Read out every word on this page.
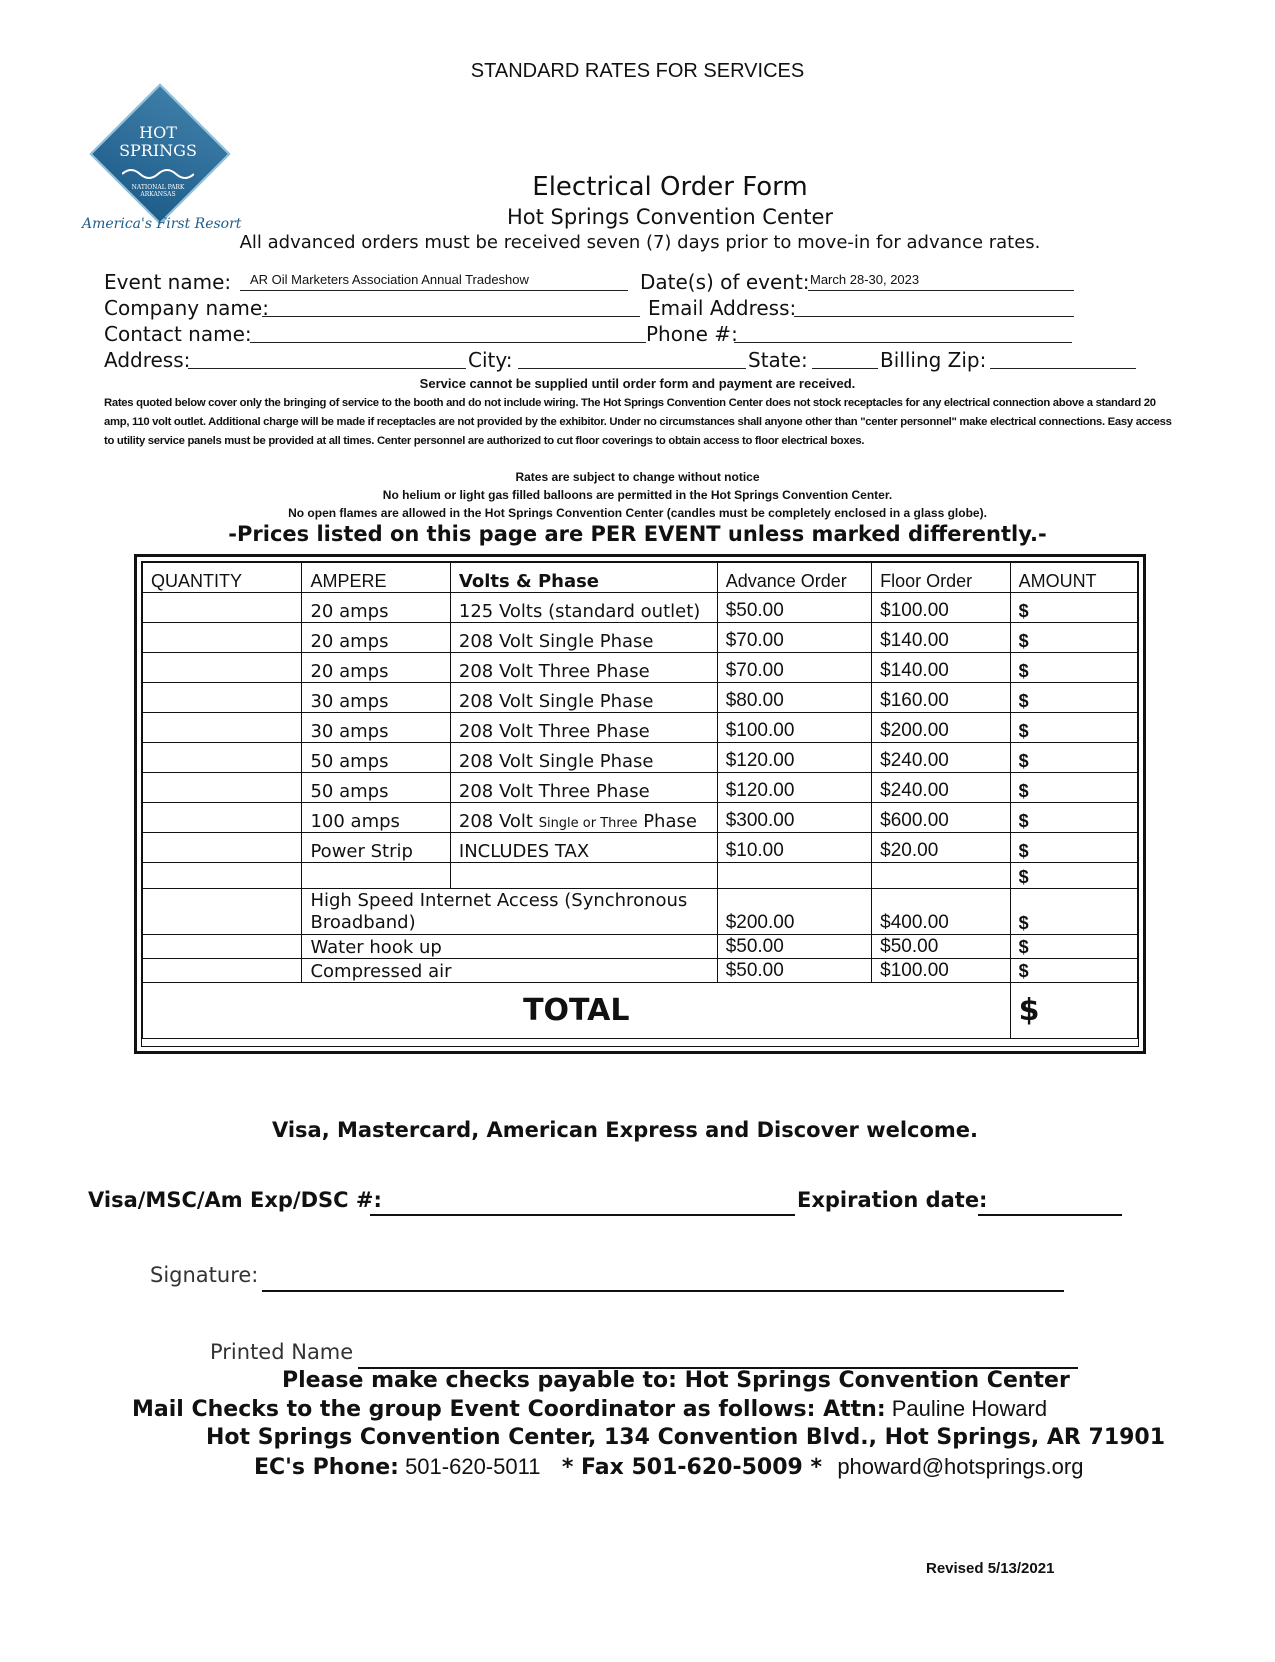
STANDARD RATES FOR SERVICES
HOT
SPRINGS
NATIONAL PARK
ARKANSAS
America's First Resort
Electrical Order Form
Hot Springs Convention Center
All advanced orders must be received seven (7) days prior to move-in for advance rates.
Event name: AR Oil Marketers Association Annual Tradeshow	Date(s) of event: March 28-30, 2023
Company name:	Email Address:
Contact name:	Phone #:
Address:	City:	State:	Billing Zip:
Service cannot be supplied until order form and payment are received.
Rates quoted below cover only the bringing of service to the booth and do not include wiring. The Hot Springs Convention Center does not stock receptacles for any electrical connection above a standard 20 amp, 110 volt outlet. Additional charge will be made if receptacles are not provided by the exhibitor. Under no circumstances shall anyone other than "center personnel" make electrical connections. Easy access to utility service panels must be provided at all times. Center personnel are authorized to cut floor coverings to obtain access to floor electrical boxes.
Rates are subject to change without notice
No helium or light gas filled balloons are permitted in the Hot Springs Convention Center.
No open flames are allowed in the Hot Springs Convention Center (candles must be completely enclosed in a glass globe).
-Prices listed on this page are PER EVENT unless marked differently.-
QUANTITY	AMPERE	Volts & Phase	Advance Order	Floor Order	AMOUNT
	20 amps	125 Volts (standard outlet)	$50.00	$100.00	$
	20 amps	208 Volt Single Phase	$70.00	$140.00	$
	20 amps	208 Volt Three Phase	$70.00	$140.00	$
	30 amps	208 Volt Single Phase	$80.00	$160.00	$
	30 amps	208 Volt Three Phase	$100.00	$200.00	$
	50 amps	208 Volt Single Phase	$120.00	$240.00	$
	50 amps	208 Volt Three Phase	$120.00	$240.00	$
	100 amps	208 Volt Single or Three Phase	$300.00	$600.00	$
	Power Strip	INCLUDES TAX	$10.00	$20.00	$
					$

	High Speed Internet Access (Synchronous
Broadband)		$200.00	$400.00	$
	Water hook up		$50.00	$50.00	$
	Compressed air		$50.00	$100.00	$
TOTAL					$
Visa, Mastercard, American Express and Discover welcome.
Visa/MSC/Am Exp/DSC #:	Expiration date:
Signature:
Printed Name
Please make checks payable to: Hot Springs Convention Center
Mail Checks to the group Event Coordinator as follows: Attn: Pauline Howard
Hot Springs Convention Center, 134 Convention Blvd., Hot Springs, AR 71901
EC's Phone: 501-620-5011   * Fax 501-620-5009 *  phoward@hotsprings.org
Revised 5/13/2021
